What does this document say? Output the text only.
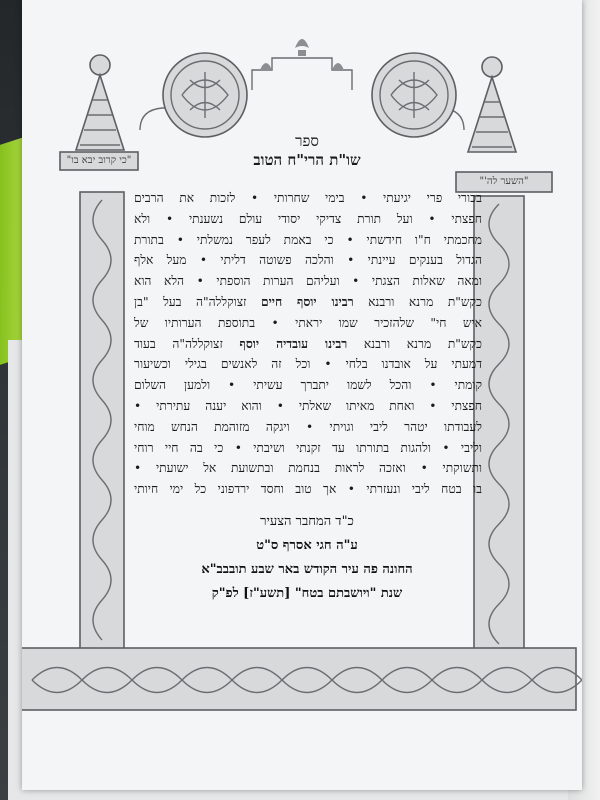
"כי קרוב יבא בו"
"השער לה'"
ספר
שו"ת הרי"ח הטוב
בכורי פרי יגיעתי • בימי שחרותי • לזכות את הרבים
חפצתי • ועל תורת צדיקי יסודי עולם נשענתי • ולא
מחכמתי ח"ו חידשתי • כי באמת לעפר נמשלתי • בתורת
הגדול בענקים עיינתי • והלכה פשוטה דליתי • מעל אלף
ומאה שאלות הצגתי • ועליהם הערות הוספתי • הלא הוא
כקש"ת מרנא ורבנא רבינו יוסף חיים זצוקללה"ה בעל "בן
איש חי" שלהזכיר שמו יראתי • בתוספת הערותיו של
כקש"ת מרנא ורבנא רבינו עובדיה יוסף זצוקללה"ה בעוד
דמעתי על אובדנו בלחי • וכל זה לאנשים בגילי וכשיעור
קומתי • והכל לשמו יתברך עשיתי • ולמען השלום
חפצתי • ואחת מאיתו שאלתי • והוא יענה עתירתי •
לעבודתו יטהר ליבי וגויתי • ויגקה מזוהמת הנחש מוחי
וליבי • ולהגות בתורתו עד זקנתי ושיבתי • כי בה חיי רוחי
ותשוקתי • ואזכה לראות בנחמת ובתשועת אל ישועתי •
בו בטח ליבי ונעזרתי • אך טוב וחסד ירדפוני כל ימי חיותי
כ"ד המחבר הצעיר
ע"ה חגי אסרף ס"ט
החונה פה עיר הקודש באר שבע תובבב"א
שנת "ויושבתם בטח" [תשע"ז] לפ"ק
